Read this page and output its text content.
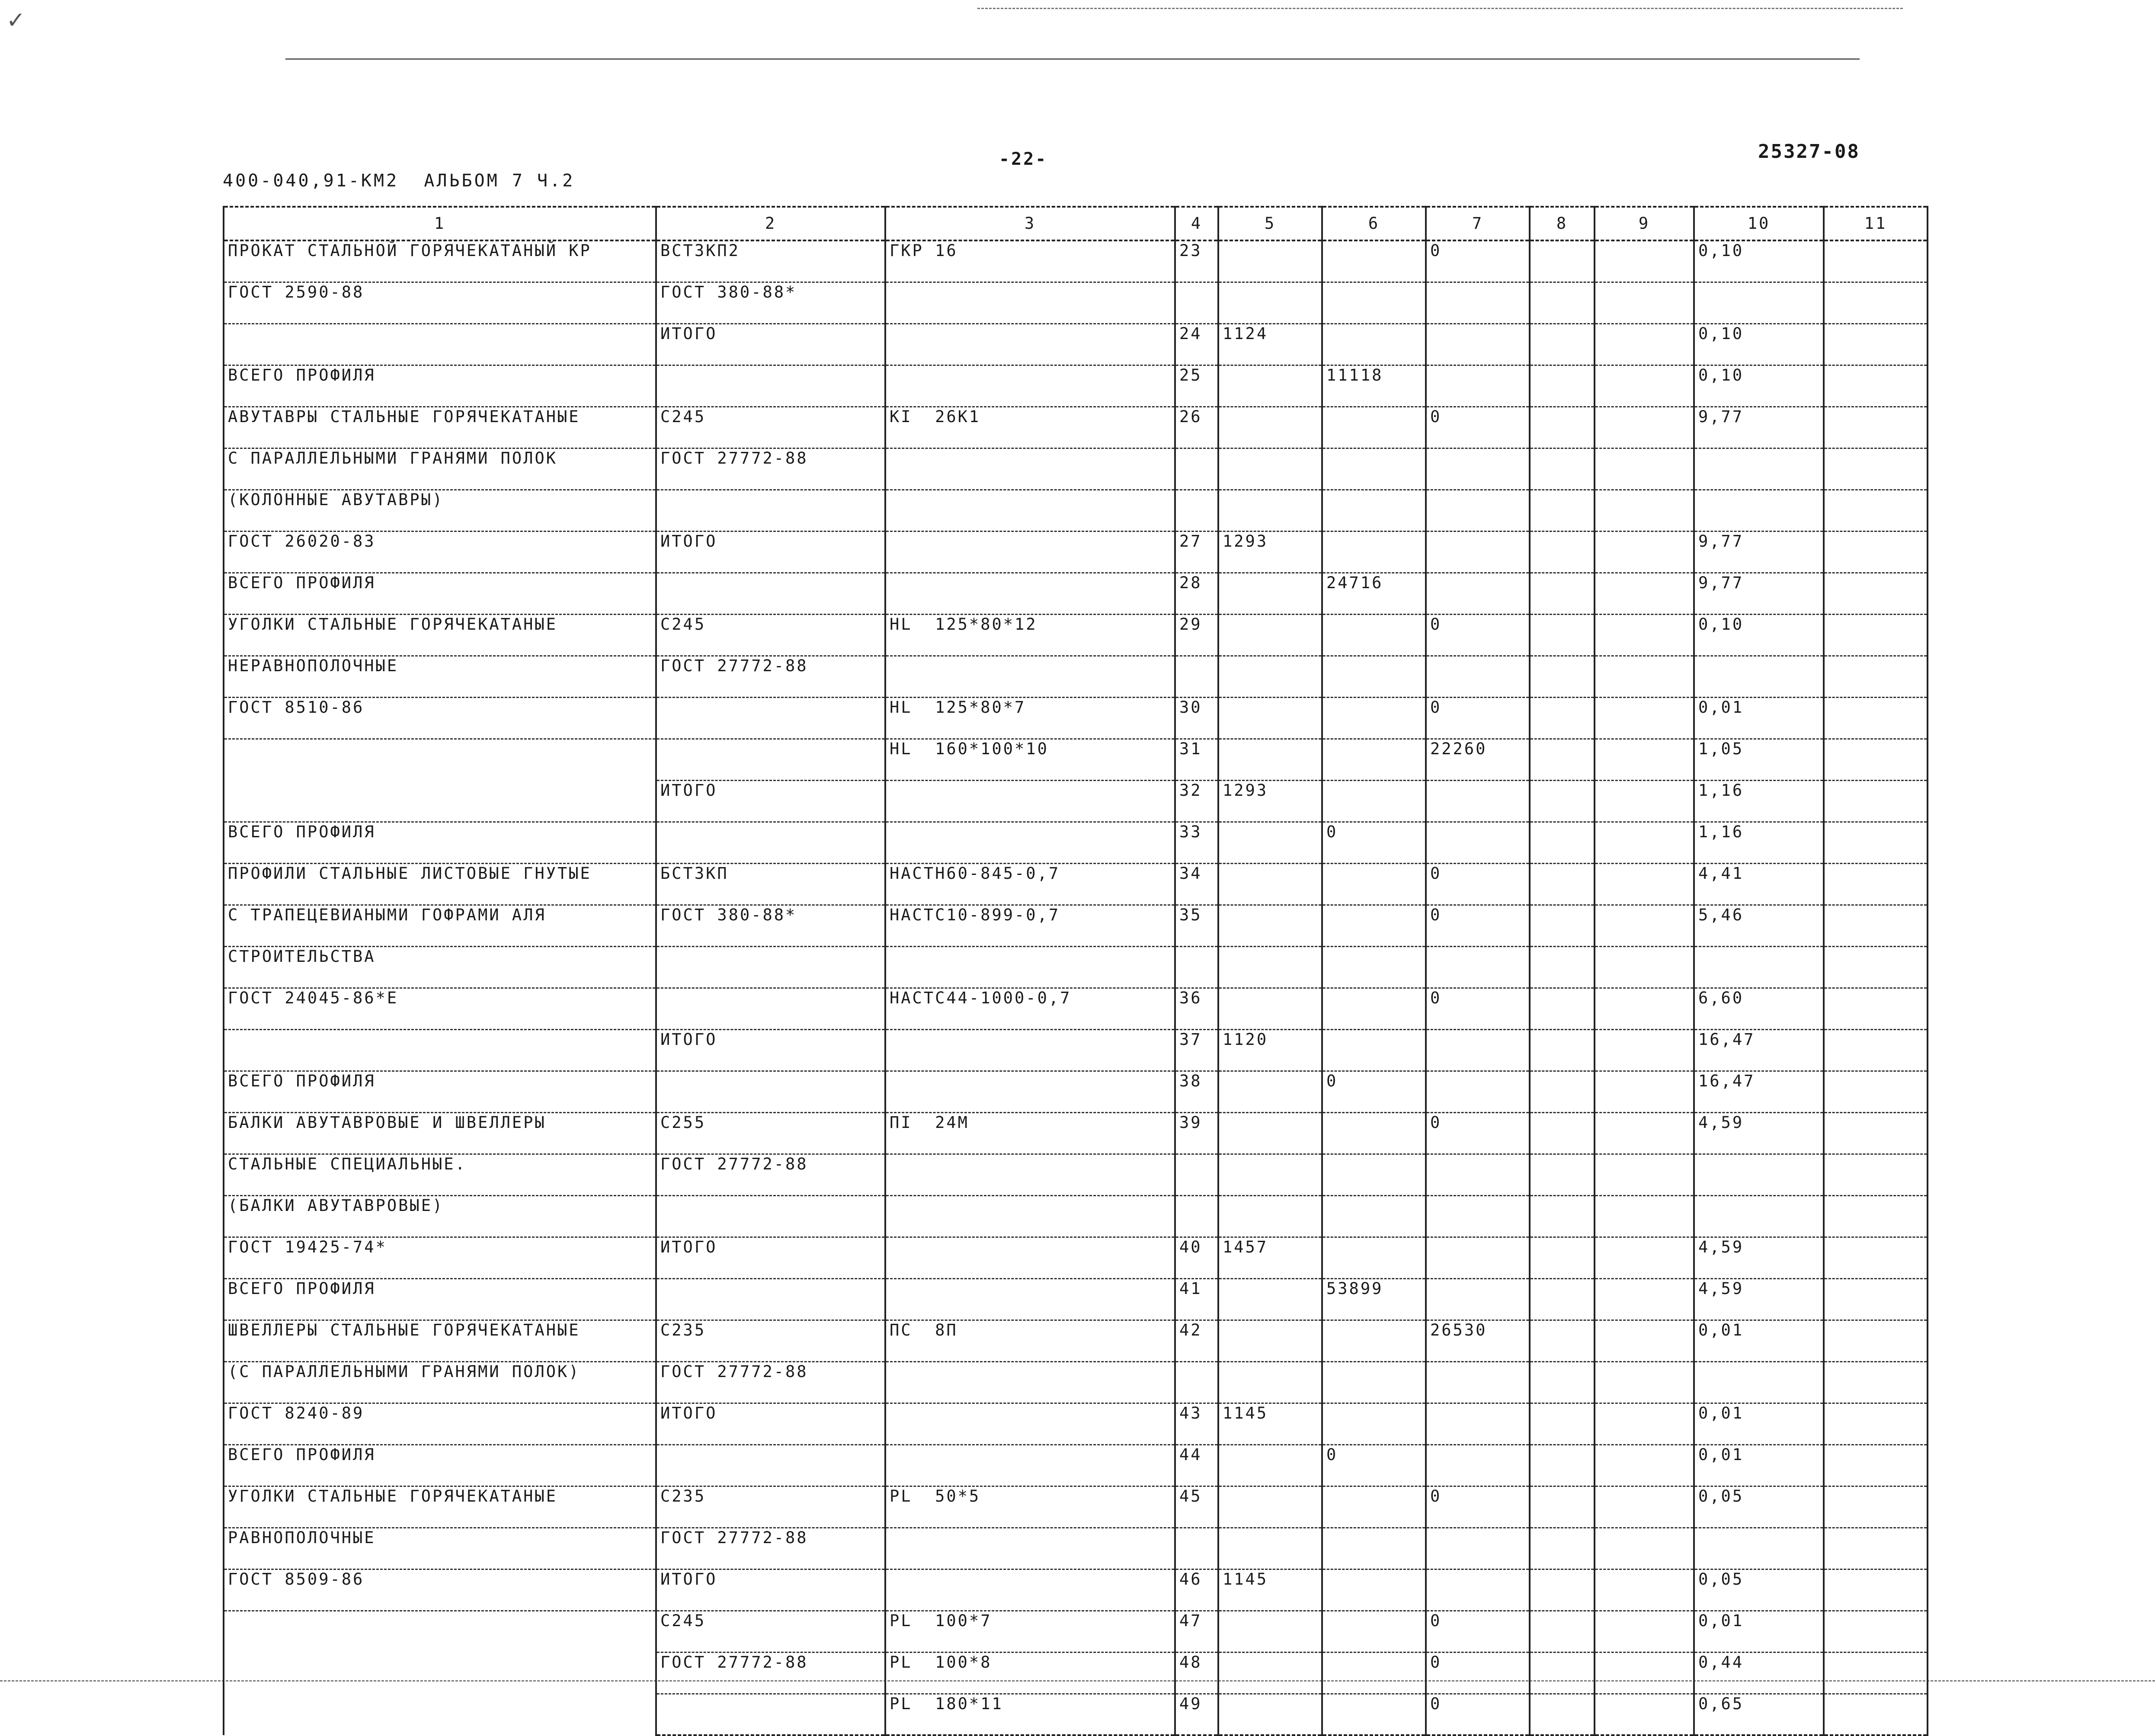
✓
400-040,91-КМ2  АЛЬБОМ 7 Ч.2
-22-	25327-08
1	2	3	4	5	6	7	8	9	10	11
ПРОКАТ СТАЛЬНОЙ ГОРЯЧЕКАТАНЫЙ КР	ВСТ3КП2	ГКР 16	23			0			0,10	
ГОСТ 2590-88	ГОСТ 380-88*									
	ИТОГО		24	1124					0,10	
ВСЕГО ПРОФИЛЯ			25		11118				0,10	
АВУТАВРЫ СТАЛЬНЫЕ ГОРЯЧЕКАТАНЫЕ	С245	КI  26К1	26			0			9,77	
С ПАРАЛЛЕЛЬНЫМИ ГРАНЯМИ ПОЛОК	ГОСТ 27772-88									
(КОЛОННЫЕ АВУТАВРЫ)										
ГОСТ 26020-83	ИТОГО		27	1293					9,77	
ВСЕГО ПРОФИЛЯ			28		24716				9,77	
УГОЛКИ СТАЛЬНЫЕ ГОРЯЧЕКАТАНЫЕ	С245	НL  125*80*12	29			0			0,10	
НЕРАВНОПОЛОЧНЫЕ	ГОСТ 27772-88									
ГОСТ 8510-86		НL  125*80*7	30			0			0,01	
		НL  160*100*10	31			22260			1,05	
	ИТОГО		32	1293					1,16	
ВСЕГО ПРОФИЛЯ			33		0				1,16	
ПРОФИЛИ СТАЛЬНЫЕ ЛИСТОВЫЕ ГНУТЫЕ	БСТ3КП	НАСТН60-845-0,7	34			0			4,41	
С ТРАПЕЦЕВИАНЫМИ ГОФРАМИ АЛЯ	ГОСТ 380-88*	НАСТС10-899-0,7	35			0			5,46	
СТРОИТЕЛЬСТВА										
ГОСТ 24045-86*Е		НАСТС44-1000-0,7	36			0			6,60	
	ИТОГО		37	1120					16,47	
ВСЕГО ПРОФИЛЯ			38		0				16,47	
БАЛКИ АВУТАВРОВЫЕ И ШВЕЛЛЕРЫ	С255	ПI  24М	39			0			4,59	
СТАЛЬНЫЕ СПЕЦИАЛЬНЫЕ.	ГОСТ 27772-88									
(БАЛКИ АВУТАВРОВЫЕ)										
ГОСТ 19425-74*	ИТОГО		40	1457					4,59	
ВСЕГО ПРОФИЛЯ			41		53899				4,59	
ШВЕЛЛЕРЫ СТАЛЬНЫЕ ГОРЯЧЕКАТАНЫЕ	С235	ПС  8П	42			26530			0,01	
(С ПАРАЛЛЕЛЬНЫМИ ГРАНЯМИ ПОЛОК)	ГОСТ 27772-88									
ГОСТ 8240-89	ИТОГО		43	1145					0,01	
ВСЕГО ПРОФИЛЯ			44		0				0,01	
УГОЛКИ СТАЛЬНЫЕ ГОРЯЧЕКАТАНЫЕ	С235	РL  50*5	45			0			0,05	
РАВНОПОЛОЧНЫЕ	ГОСТ 27772-88									
ГОСТ 8509-86	ИТОГО		46	1145					0,05	
	С245	РL  100*7	47			0			0,01	
	ГОСТ 27772-88	РL  100*8	48			0			0,44	
		РL  180*11	49			0			0,65	
